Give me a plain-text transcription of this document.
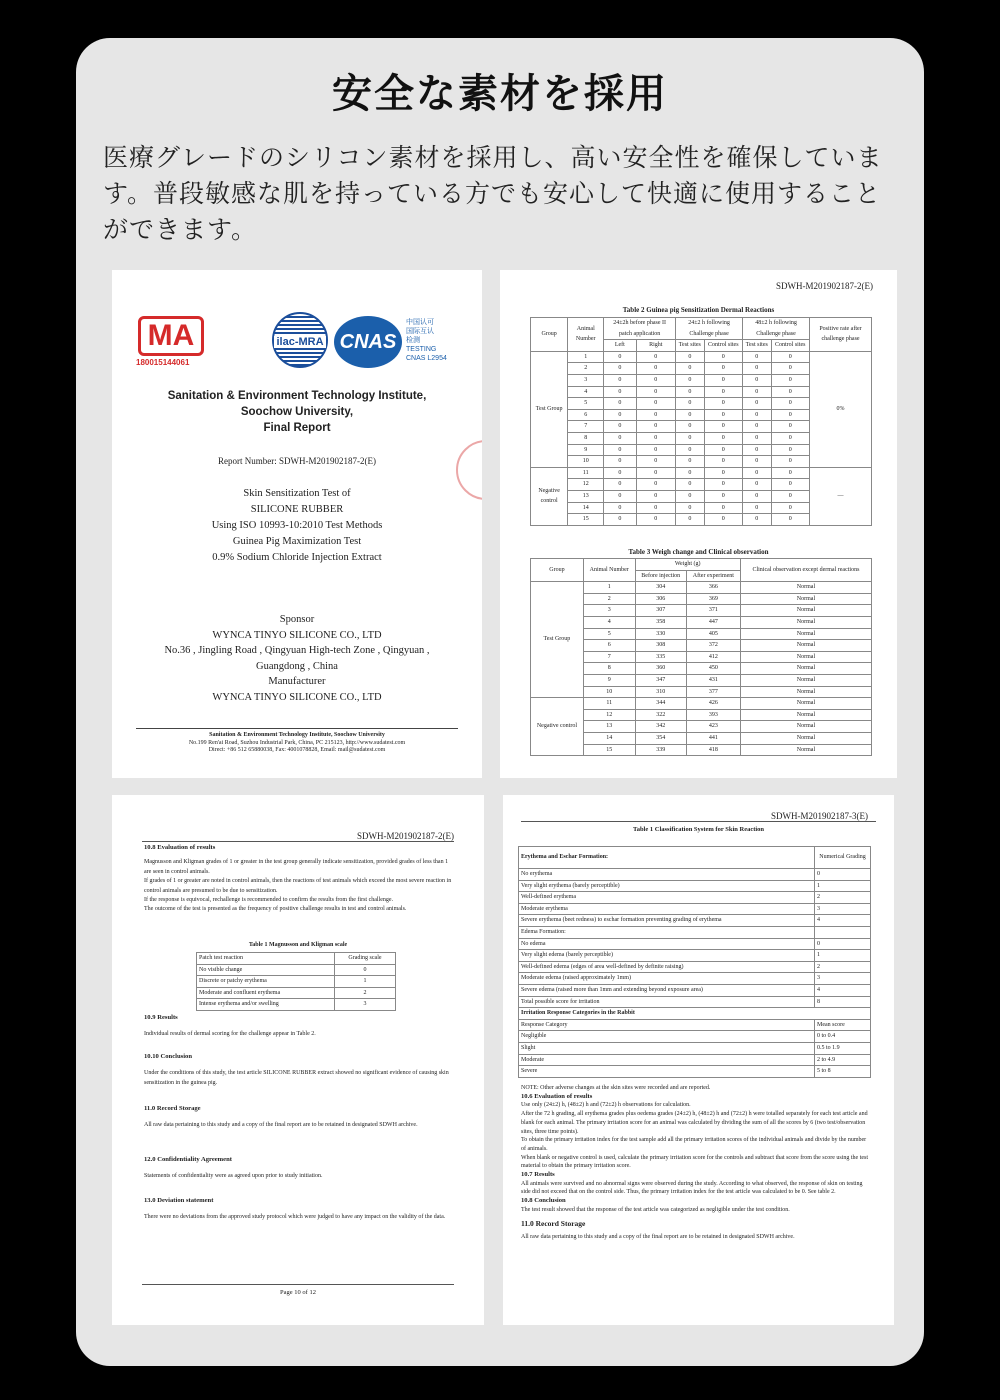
安全な素材を採用
医療グレードのシリコン素材を採用し、高い安全性を確保しています。普段敏感な肌を持っている方でも安心して快適に使用することができます。
MA
180015144061
ilac-MRA CNAS
中国认可
国际互认
检测
TESTING
CNAS L2954
Sanitation & Environment Technology Institute,
Soochow University,
Final Report
Report Number: SDWH-M201902187-2(E)
Skin Sensitization Test of
SILICONE RUBBER
Using ISO 10993-10:2010 Test Methods
Guinea Pig Maximization Test
0.9% Sodium Chloride Injection Extract
Sponsor
WYNCA TINYO SILICONE CO., LTD
No.36 , Jingling Road , Qingyuan High-tech Zone , Qingyuan ,
Guangdong , China
Manufacturer
WYNCA TINYO SILICONE CO., LTD
Sanitation & Environment Technology Institute, Soochow University
No.199 Ren'ai Road, Suzhou Industrial Park, China, PC 215123, http://www.sudatest.com
Direct: +86 512 65880038, Fax: 4001078828, Email: mail@sudatest.com
SDWH-M201902187-2(E)
Table 2 Guinea pig Sensitization Dermal Reactions
Group	Animal Number	24±2h before phase II patch application		24±2 h following Challenge phase		48±2 h following Challenge phase		Positive rate after challenge phase
		Left	Right	Test sites	Control sites	Test sites	Control sites	
Test Group	1	0	0	0	0	0	0	0%
	2	0	0	0	0	0	0	
	3	0	0	0	0	0	0	
	4	0	0	0	0	0	0	
	5	0	0	0	0	0	0	
	6	0	0	0	0	0	0	
	7	0	0	0	0	0	0	
	8	0	0	0	0	0	0	
	9	0	0	0	0	0	0	
	10	0	0	0	0	0	0	
Negative control	11	0	0	0	0	0	0	—
	12	0	0	0	0	0	0	
	13	0	0	0	0	0	0	
	14	0	0	0	0	0	0	
	15	0	0	0	0	0	0	
Table 3 Weigh change and Clinical observation
Group	Animal Number	Weight (g)		Clinical observation except dermal reactions
		Before injection	After experiment	
Test Group	1	304	366	Normal
	2	306	369	Normal
	3	307	371	Normal
	4	358	447	Normal
	5	330	405	Normal
	6	308	372	Normal
	7	335	412	Normal
	8	360	450	Normal
	9	347	431	Normal
	10	310	377	Normal
Negative control	11	344	426	Normal
	12	322	393	Normal
	13	342	423	Normal
	14	354	441	Normal
	15	339	418	Normal
SDWH-M201902187-2(E)
10.8 Evaluation of results
Magnusson and Kligman grades of 1 or greater in the test group generally indicate sensitization, provided grades of less than 1 are seen in control animals.
If grades of 1 or greater are noted in control animals, then the reactions of test animals which exceed the most severe reaction in control animals are presumed to be due to sensitization.
If the response is equivocal, rechallenge is recommended to confirm the results from the first challenge.
The outcome of the test is presented as the frequency of positive challenge results in test and control animals.
Table 1 Magnusson and Kligman scale
Patch test reaction	Grading scale
No visible change	0
Discrete or patchy erythema	1
Moderate and confluent erythema	2
Intense erythema and/or swelling	3
10.9 Results
Individual results of dermal scoring for the challenge appear in Table 2.
10.10 Conclusion
Under the conditions of this study, the test article SILICONE RUBBER extract showed no significant evidence of causing skin sensitization in the guinea pig.
11.0 Record Storage
All raw data pertaining to this study and a copy of the final report are to be retained in designated SDWH archive.
12.0 Confidentiality Agreement
Statements of confidentiality were as agreed upon prior to study initiation.
13.0 Deviation statement
There were no deviations from the approved study protocol which were judged to have any impact on the validity of the data.
Page 10 of 12
SDWH-M201902187-3(E)
Table 1 Classification System for Skin Reaction
Erythema and Eschar Formation:	Numerical Grading
No erythema	0
Very slight erythema (barely perceptible)	1
Well-defined erythema	2
Moderate erythema	3
Severe erythema (beet redness) to eschar formation preventing grading of erythema	4
Edema Formation:	
No edema	0
Very slight edema (barely perceptible)	1
Well-defined edema (edges of area well-defined by definite raising)	2
Moderate edema (raised approximately 1mm)	3
Severe edema (raised more than 1mm and extending beyond exposure area)	4
Total possible score for irritation	8
Irritation Response Categories in the Rabbit	
Response Category	Mean score
Negligible	0 to 0.4
Slight	0.5 to 1.9
Moderate	2 to 4.9
Severe	5 to 8
NOTE: Other adverse changes at the skin sites were recorded and are reported.
10.6 Evaluation of results
Use only (24±2) h, (48±2) h and (72±2) h observations for calculation.
After the 72 h grading, all erythema grades plus oedema grades (24±2) h, (48±2) h and (72±2) h were totalled separately for each test article and blank for each animal. The primary irritation score for an animal was calculated by dividing the sum of all the scores by 6 (two test/observation sites, three time points).
To obtain the primary irritation index for the test sample add all the primary irritation scores of the individual animals and divide by the number of animals.
When blank or negative control is used, calculate the primary irritation score for the controls and subtract that score from the score using the test material to obtain the primary irritation score.
10.7 Results
All animals were survived and no abnormal signs were observed during the study. According to what observed, the response of skin on testing side did not exceed that on the control side. Thus, the primary irritation index for the test article was calculated to be 0. See table 2.
10.8 Conclusion
The test result showed that the response of the test article was categorized as negligible under the test condition.
11.0 Record Storage
All raw data pertaining to this study and a copy of the final report are to be retained in designated SDWH archive.
